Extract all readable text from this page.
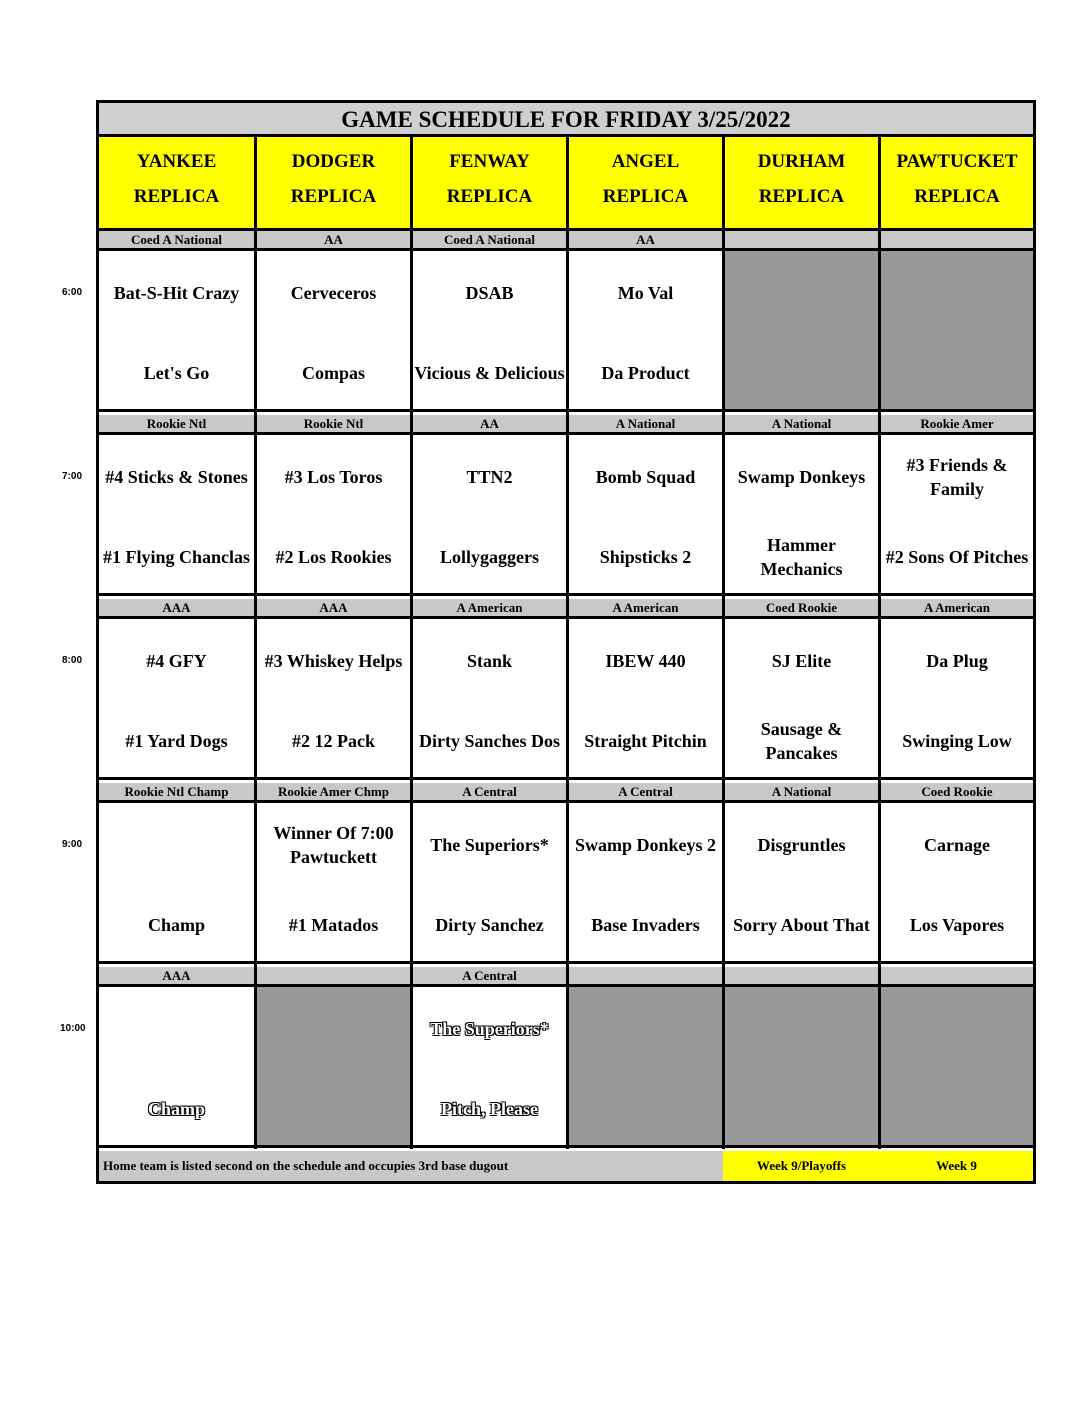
6:00
7:00
8:00
9:00
10:00
GAME SCHEDULE FOR FRIDAY 3/25/2022
YANKEE
REPLICA
Coed A National
Bat-S-Hit Crazy
Let's Go
Rookie Ntl
#4 Sticks & Stones
#1 Flying Chanclas
AAA
#4 GFY
#1 Yard Dogs
Rookie Ntl Champ
Champ
AAA
Champ
DODGER
REPLICA
AA
Cerveceros
Compas
Rookie Ntl
#3 Los Toros
#2 Los Rookies
AAA
#3 Whiskey Helps
#2 12 Pack
Rookie Amer Chmp
Winner Of 7:00 Pawtuckett
#1 Matados
FENWAY
REPLICA
Coed A National
DSAB
Vicious & Delicious
AA
TTN2
Lollygaggers
A American
Stank
Dirty Sanches Dos
A Central
The Superiors*
Dirty Sanchez
A Central
The Superiors*
Pitch, Please
ANGEL
REPLICA
AA
Mo Val
Da Product
A National
Bomb Squad
Shipsticks 2
A American
IBEW 440
Straight Pitchin
A Central
Swamp Donkeys 2
Base Invaders
DURHAM
REPLICA
A National
Swamp Donkeys
Hammer Mechanics
Coed Rookie
SJ Elite
Sausage & Pancakes
A National
Disgruntles
Sorry About That
PAWTUCKET
REPLICA
Rookie Amer
#3 Friends & Family
#2 Sons Of Pitches
A American
Da Plug
Swinging Low
Coed Rookie
Carnage
Los Vapores
Home team is listed second on the schedule and occupies 3rd base dugout	Week 9/Playoffs	Week 9
